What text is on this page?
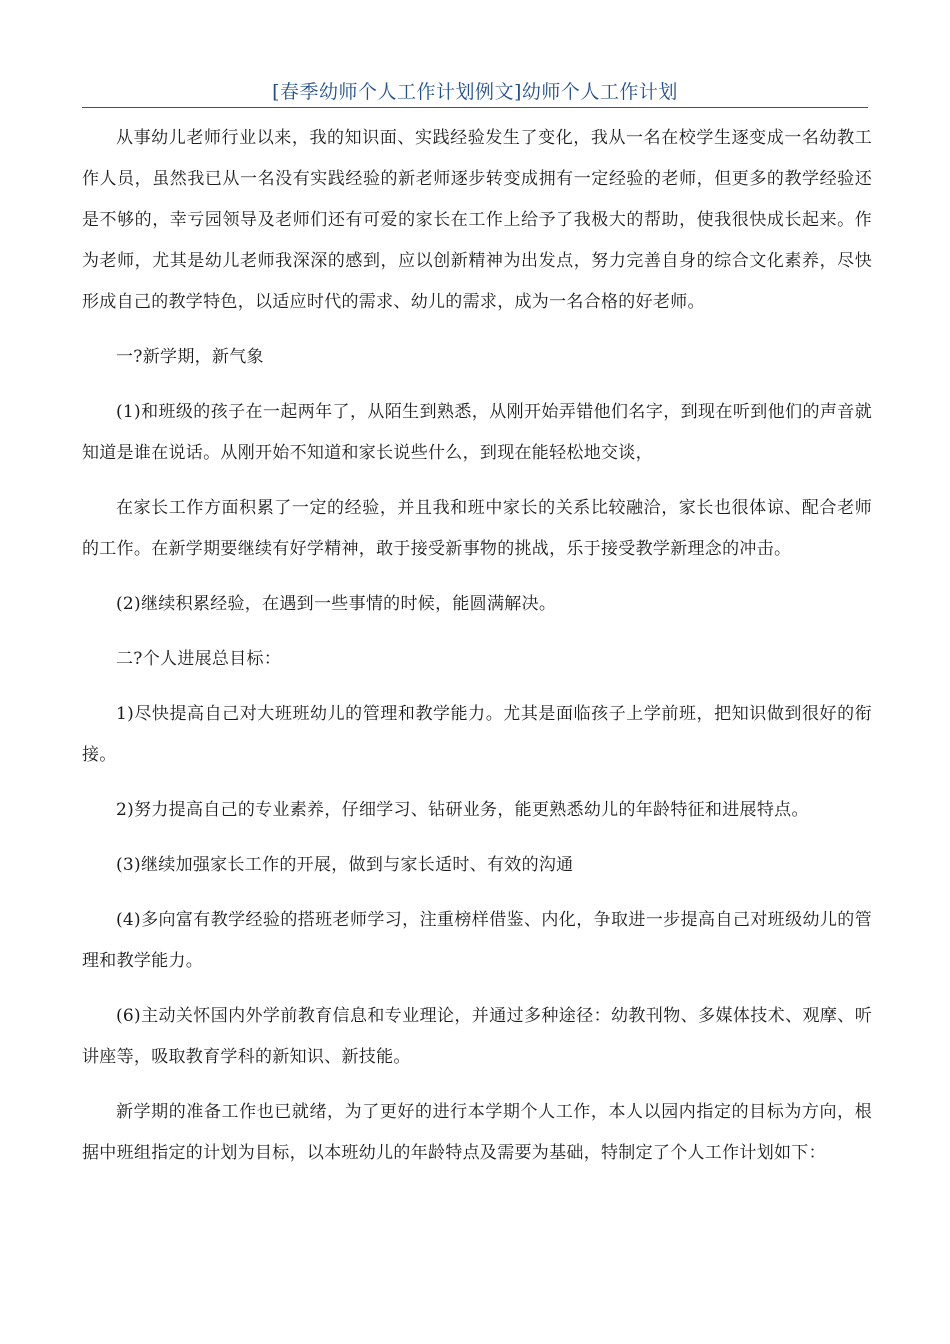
[春季幼师个人工作计划例文]幼师个人工作计划

从事幼儿老师行业以来，我的知识面、实践经验发生了变化，我从一名在校学生逐变成一名幼教工作人员，虽然我已从一名没有实践经验的新老师逐步转变成拥有一定经验的老师，但更多的教学经验还是不够的，幸亏园领导及老师们还有可爱的家长在工作上给予了我极大的帮助，使我很快成长起来。作为老师，尤其是幼儿老师我深深的感到，应以创新精神为出发点，努力完善自身的综合文化素养，尽快形成自己的教学特色，以适应时代的需求、幼儿的需求，成为一名合格的好老师。

一?新学期，新气象

(1)和班级的孩子在一起两年了，从陌生到熟悉，从刚开始弄错他们名字，到现在听到他们的声音就知道是谁在说话。从刚开始不知道和家长说些什么，到现在能轻松地交谈，

在家长工作方面积累了一定的经验，并且我和班中家长的关系比较融洽，家长也很体谅、配合老师的工作。在新学期要继续有好学精神，敢于接受新事物的挑战，乐于接受教学新理念的冲击。

(2)继续积累经验，在遇到一些事情的时候，能圆满解决。

二?个人进展总目标：

1)尽快提高自己对大班班幼儿的管理和教学能力。尤其是面临孩子上学前班，把知识做到很好的衔接。

2)努力提高自己的专业素养，仔细学习、钻研业务，能更熟悉幼儿的年龄特征和进展特点。

(3)继续加强家长工作的开展，做到与家长适时、有效的沟通

(4)多向富有教学经验的搭班老师学习，注重榜样借鉴、内化，争取进一步提高自己对班级幼儿的管理和教学能力。

(6)主动关怀国内外学前教育信息和专业理论，并通过多种途径：幼教刊物、多媒体技术、观摩、听讲座等，吸取教育学科的新知识、新技能。

新学期的准备工作也已就绪，为了更好的进行本学期个人工作，本人以园内指定的目标为方向，根据中班组指定的计划为目标，以本班幼儿的年龄特点及需要为基础，特制定了个人工作计划如下：
